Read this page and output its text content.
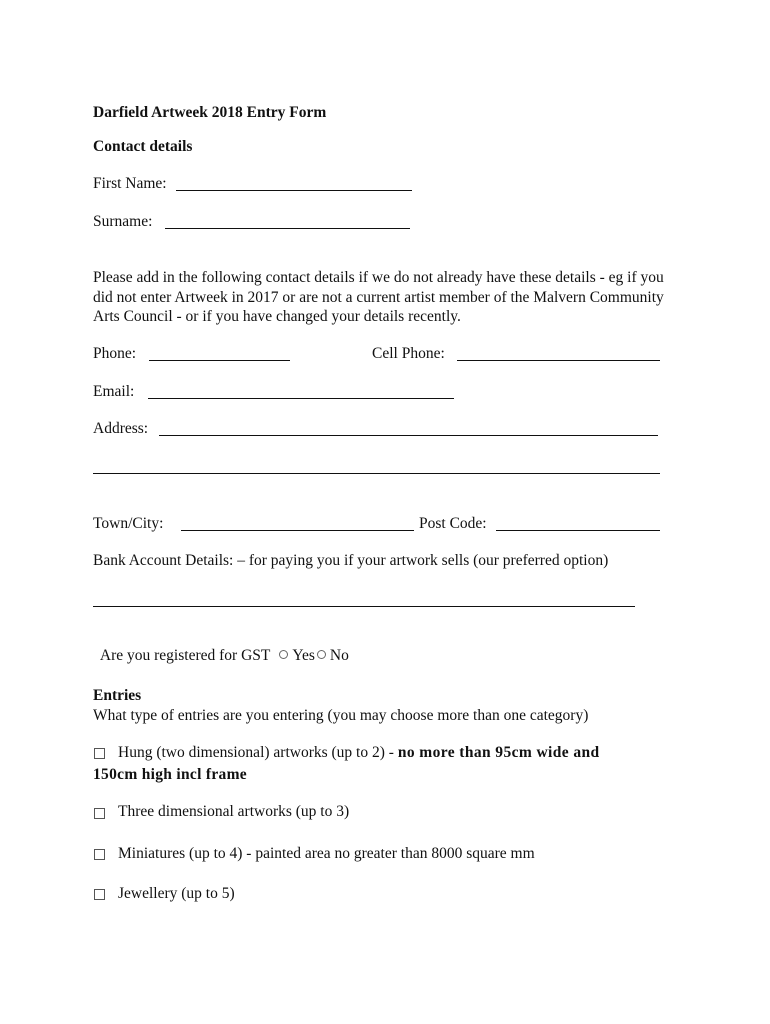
Darfield Artweek 2018 Entry Form
Contact details
First Name:
Surname:
Please add in the following contact details if we do not already have these details - eg if you did not enter Artweek in 2017 or are not a current artist member of the Malvern Community Arts Council - or if you have changed your details recently.
Phone:	Cell Phone:
Email:
Address:
Town/City:	Post Code:
Bank Account Details: – for paying you if your artwork sells (our preferred option)

Are you registered for GST Yes No

Entries
What type of entries are you entering (you may choose more than one category)
Hung (two dimensional) artworks (up to 2) - no more than 95cm wide and
150cm high incl frame
Three dimensional artworks (up to 3)
Miniatures (up to 4) - painted area no greater than 8000 square mm
Jewellery (up to 5)
